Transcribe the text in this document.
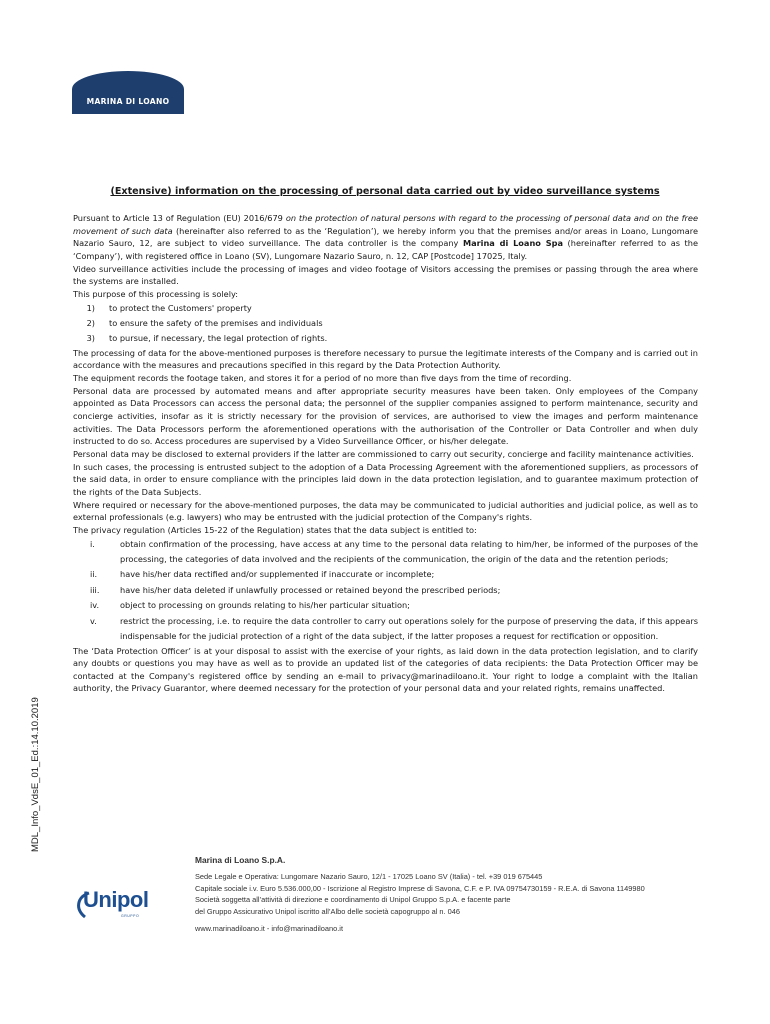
MARINA DI LOANO
(Extensive) information on the processing of personal data carried out by video surveillance systems

Pursuant to Article 13 of Regulation (EU) 2016/679 on the protection of natural persons with regard to the processing of personal data and on the free movement of such data (hereinafter also referred to as the ‘Regulation’), we hereby inform you that the premises and/or areas in Loano, Lungomare Nazario Sauro, 12, are subject to video surveillance. The data controller is the company Marina di Loano Spa (hereinafter referred to as the ‘Company’), with registered office in Loano (SV), Lungomare Nazario Sauro, n. 12, CAP [Postcode] 17025, Italy.

Video surveillance activities include the processing of images and video footage of Visitors accessing the premises or passing through the area where the systems are installed.

This purpose of this processing is solely:

1)	to protect the Customers' property
2)	to ensure the safety of the premises and individuals
3)	to pursue, if necessary, the legal protection of rights.

The processing of data for the above-mentioned purposes is therefore necessary to pursue the legitimate interests of the Company and is carried out in accordance with the measures and precautions specified in this regard by the Data Protection Authority.

The equipment records the footage taken, and stores it for a period of no more than five days from the time of recording.

Personal data are processed by automated means and after appropriate security measures have been taken. Only employees of the Company appointed as Data Processors can access the personal data; the personnel of the supplier companies assigned to perform maintenance, security and concierge activities, insofar as it is strictly necessary for the provision of services, are authorised to view the images and perform maintenance activities. The Data Processors perform the aforementioned operations with the authorisation of the Controller or Data Controller and when duly instructed to do so. Access procedures are supervised by a Video Surveillance Officer, or his/her delegate.

Personal data may be disclosed to external providers if the latter are commissioned to carry out security, concierge and facility maintenance activities.

In such cases, the processing is entrusted subject to the adoption of a Data Processing Agreement with the aforementioned suppliers, as processors of the said data, in order to ensure compliance with the principles laid down in the data protection legislation, and to guarantee maximum protection of the rights of the Data Subjects.

Where required or necessary for the above-mentioned purposes, the data may be communicated to judicial authorities and judicial police, as well as to external professionals (e.g. lawyers) who may be entrusted with the judicial protection of the Company's rights.

The privacy regulation (Articles 15-22 of the Regulation) states that the data subject is entitled to:

i.	obtain confirmation of the processing, have access at any time to the personal data relating to him/her, be informed of the purposes of the processing, the categories of data involved and the recipients of the communication, the origin of the data and the retention periods;
ii.	have his/her data rectified and/or supplemented if inaccurate or incomplete;
iii.	have his/her data deleted if unlawfully processed or retained beyond the prescribed periods;
iv.	object to processing on grounds relating to his/her particular situation;
v.	restrict the processing, i.e. to require the data controller to carry out operations solely for the purpose of preserving the data, if this appears indispensable for the judicial protection of a right of the data subject, if the latter proposes a request for rectification or opposition.

The ‘Data Protection Officer’ is at your disposal to assist with the exercise of your rights, as laid down in the data protection legislation, and to clarify any doubts or questions you may have as well as to provide an updated list of the categories of data recipients: the Data Protection Officer may be contacted at the Company's registered office by sending an e-mail to privacy@marinadiloano.it. Your right to lodge a complaint with the Italian authority, the Privacy Guarantor, where deemed necessary for the protection of your personal data and your related rights, remains unaffected.

MDL_Info_VdsE_01_Ed.:14.10.2019
Unipol
GRUPPO
Marina di Loano S.p.A.
Sede Legale e Operativa: Lungomare Nazario Sauro, 12/1 - 17025 Loano SV (Italia) - tel. +39 019 675445
Capitale sociale i.v. Euro 5.536.000,00 - Iscrizione al Registro Imprese di Savona, C.F. e P. IVA 09754730159 - R.E.A. di Savona 1149980
Società soggetta all’attività di direzione e coordinamento di Unipol Gruppo S.p.A. e facente parte
del Gruppo Assicurativo Unipol iscritto all’Albo delle società capogruppo al n. 046
www.marinadiloano.it - info@marinadiloano.it
